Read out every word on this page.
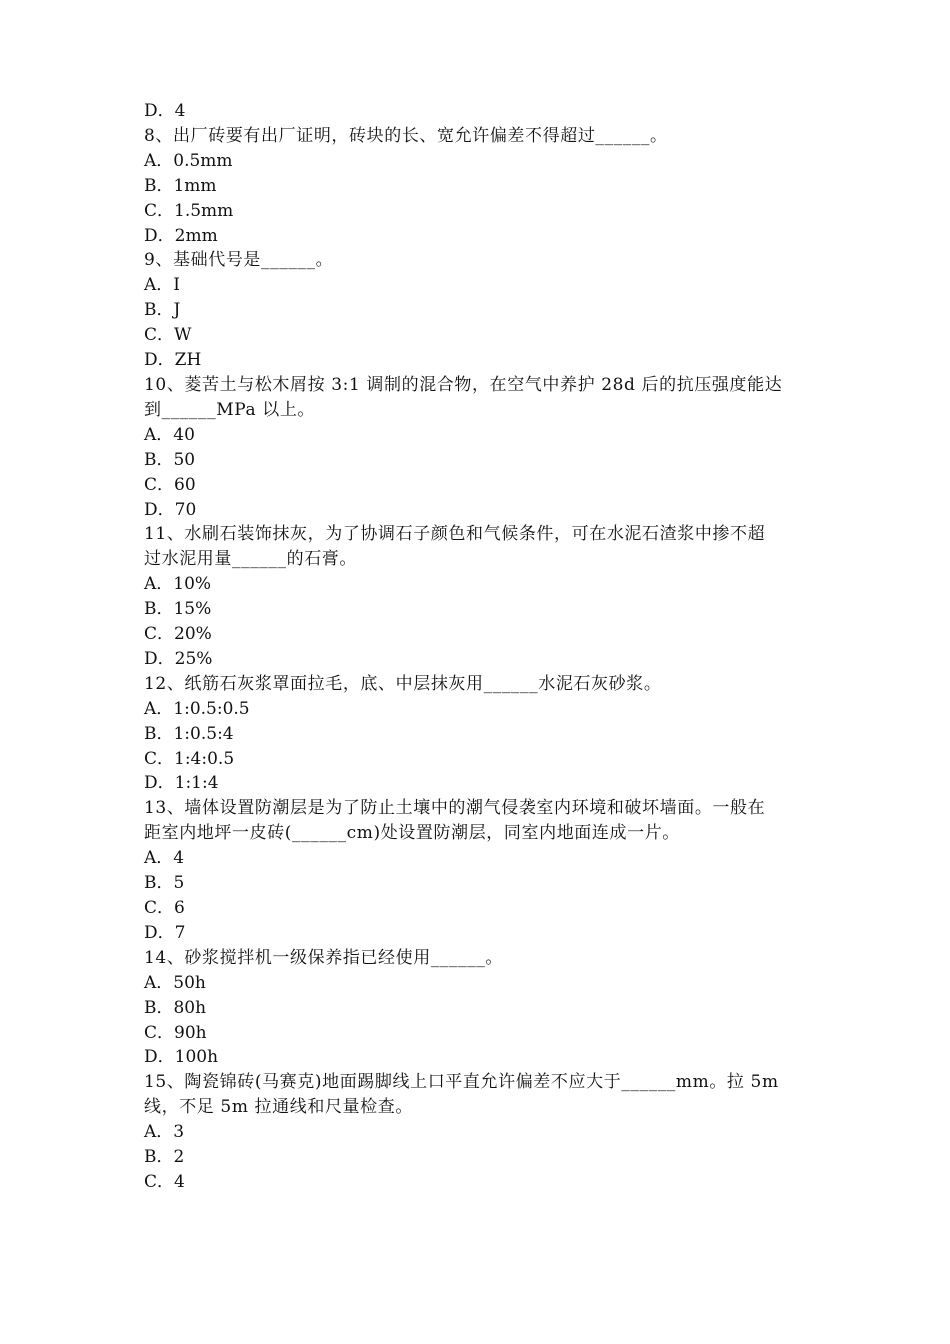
D．4

8、出厂砖要有出厂证明，砖块的长、宽允许偏差不得超过______。

A．0.5mm

B．1mm

C．1.5mm

D．2mm

9、基础代号是______。

A．I

B．J

C．W

D．ZH

10、菱苦土与松木屑按 3:1 调制的混合物，在空气中养护 28d 后的抗压强度能达

到______MPa 以上。

A．40

B．50

C．60

D．70

11、水刷石装饰抹灰，为了协调石子颜色和气候条件，可在水泥石渣浆中掺不超

过水泥用量______的石膏。

A．10%

B．15%

C．20%

D．25%

12、纸筋石灰浆罩面拉毛，底、中层抹灰用______水泥石灰砂浆。

A．1:0.5:0.5

B．1:0.5:4

C．1:4:0.5

D．1:1:4

13、墙体设置防潮层是为了防止土壤中的潮气侵袭室内环境和破坏墙面。一般在

距室内地坪一皮砖(______cm)处设置防潮层，同室内地面连成一片。

A．4

B．5

C．6

D．7

14、砂浆搅拌机一级保养指已经使用______。

A．50h

B．80h

C．90h

D．100h

15、陶瓷锦砖(马赛克)地面踢脚线上口平直允许偏差不应大于______mm。拉 5m

线，不足 5m 拉通线和尺量检查。

A．3

B．2

C．4
